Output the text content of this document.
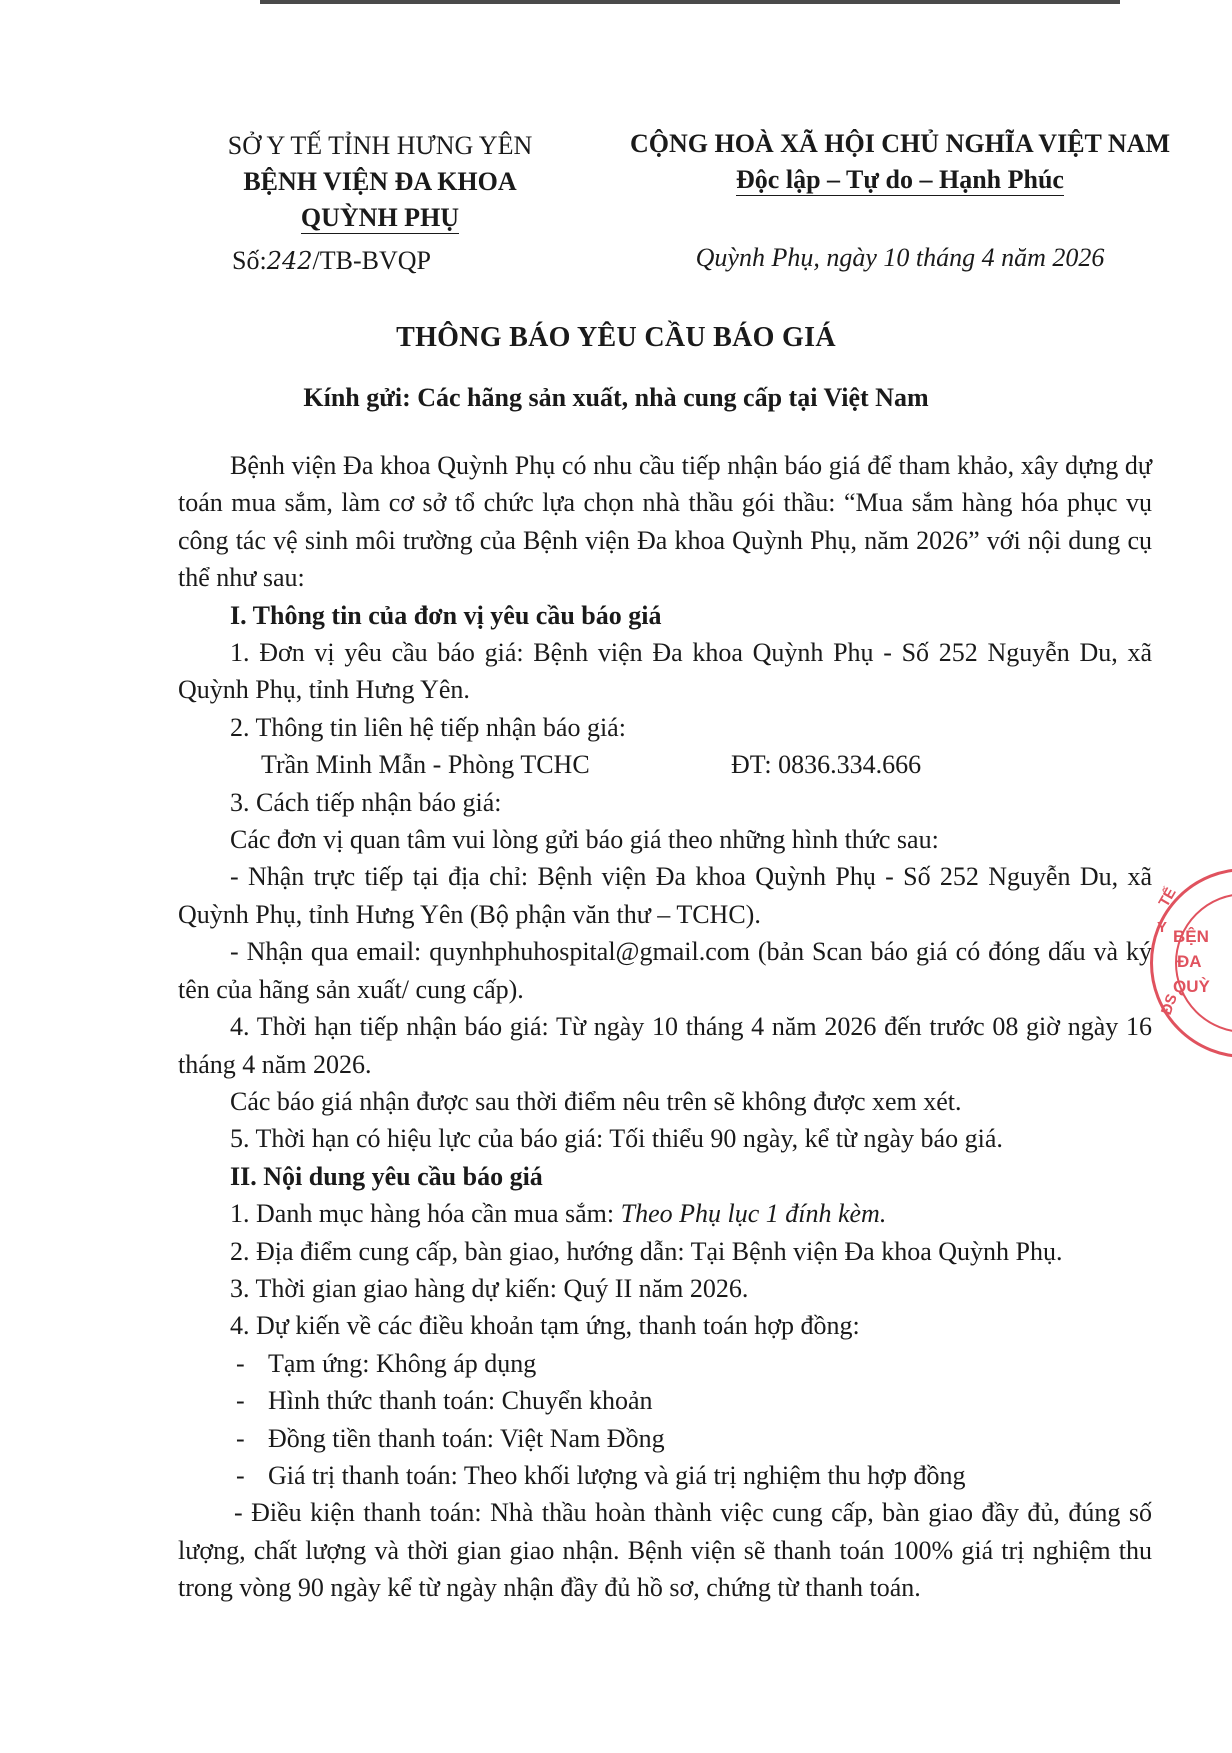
SỞ Y TẾ TỈNH HƯNG YÊN
BỆNH VIỆN ĐA KHOA
QUỲNH PHỤ
Số:242/TB-BVQP
CỘNG HOÀ XÃ HỘI CHỦ NGHĨA VIỆT NAM
Độc lập – Tự do – Hạnh Phúc
Quỳnh Phụ, ngày 10 tháng 4 năm 2026
THÔNG BÁO YÊU CẦU BÁO GIÁ
Kính gửi: Các hãng sản xuất, nhà cung cấp tại Việt Nam

Bệnh viện Đa khoa Quỳnh Phụ có nhu cầu tiếp nhận báo giá để tham khảo, xây dựng dự toán mua sắm, làm cơ sở tổ chức lựa chọn nhà thầu gói thầu: “Mua sắm hàng hóa phục vụ công tác vệ sinh môi trường của Bệnh viện Đa khoa Quỳnh Phụ, năm 2026” với nội dung cụ thể như sau:

I. Thông tin của đơn vị yêu cầu báo giá

1. Đơn vị yêu cầu báo giá: Bệnh viện Đa khoa Quỳnh Phụ - Số 252 Nguyễn Du, xã Quỳnh Phụ, tỉnh Hưng Yên.

2. Thông tin liên hệ tiếp nhận báo giá:

Trần Minh Mẫn - Phòng TCHC	ĐT: 0836.334.666

3. Cách tiếp nhận báo giá:

Các đơn vị quan tâm vui lòng gửi báo giá theo những hình thức sau:

- Nhận trực tiếp tại địa chỉ: Bệnh viện Đa khoa Quỳnh Phụ - Số 252 Nguyễn Du, xã Quỳnh Phụ, tỉnh Hưng Yên (Bộ phận văn thư – TCHC).

- Nhận qua email: quynhphuhospital@gmail.com (bản Scan báo giá có đóng dấu và ký tên của hãng sản xuất/ cung cấp).

4. Thời hạn tiếp nhận báo giá: Từ ngày 10 tháng 4 năm 2026 đến trước 08 giờ ngày 16 tháng 4 năm 2026.

Các báo giá nhận được sau thời điểm nêu trên sẽ không được xem xét.

5. Thời hạn có hiệu lực của báo giá: Tối thiểu 90 ngày, kể từ ngày báo giá.

II. Nội dung yêu cầu báo giá

1. Danh mục hàng hóa cần mua sắm: Theo Phụ lục 1 đính kèm.

2. Địa điểm cung cấp, bàn giao, hướng dẫn: Tại Bệnh viện Đa khoa Quỳnh Phụ.

3. Thời gian giao hàng dự kiến: Quý II năm 2026.

4. Dự kiến về các điều khoản tạm ứng, thanh toán hợp đồng:

- Tạm ứng: Không áp dụng
- Hình thức thanh toán: Chuyển khoản
- Đồng tiền thanh toán: Việt Nam Đồng
- Giá trị thanh toán: Theo khối lượng và giá trị nghiệm thu hợp đồng

- Điều kiện thanh toán: Nhà thầu hoàn thành việc cung cấp, bàn giao đầy đủ, đúng số lượng, chất lượng và thời gian giao nhận. Bệnh viện sẽ thanh toán 100% giá trị nghiệm thu trong vòng 90 ngày kể từ ngày nhận đầy đủ hồ sơ, chứng từ thanh toán.

BỆN
ĐA
QUỲ
TẾ
Y
ĐS
